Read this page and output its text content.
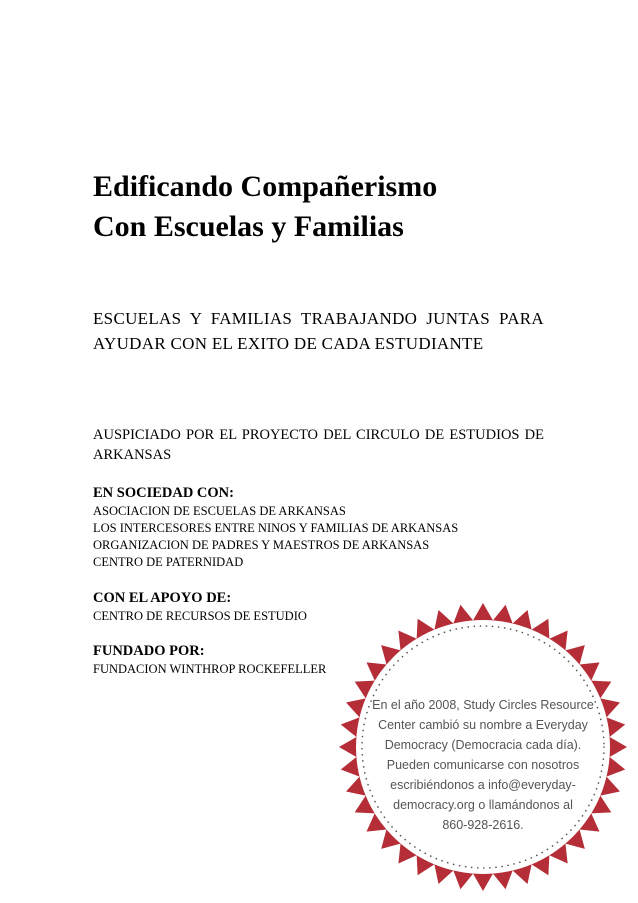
Edificando Compañerismo
Con Escuelas y Familias

ESCUELAS Y FAMILIAS TRABAJANDO JUNTAS PARA AYUDAR CON EL EXITO DE CADA ESTUDIANTE

AUSPICIADO POR EL PROYECTO DEL CIRCULO DE ESTUDIOS DE ARKANSAS

EN SOCIEDAD CON:
ASOCIACION DE ESCUELAS DE ARKANSAS
LOS INTERCESORES ENTRE NINOS Y FAMILIAS DE ARKANSAS
ORGANIZACION DE PADRES Y MAESTROS DE ARKANSAS
CENTRO DE PATERNIDAD
CON EL APOYO DE:
CENTRO DE RECURSOS DE ESTUDIO
FUNDADO POR:
FUNDACION WINTHROP ROCKEFELLER
En el año 2008, Study Circles Resource
Center cambió su nombre a Everyday
Democracy (Democracia cada día).
Pueden comunicarse con nosotros
escribiéndonos a info@everyday-
democracy.org o llamándonos al
860-928-2616.
